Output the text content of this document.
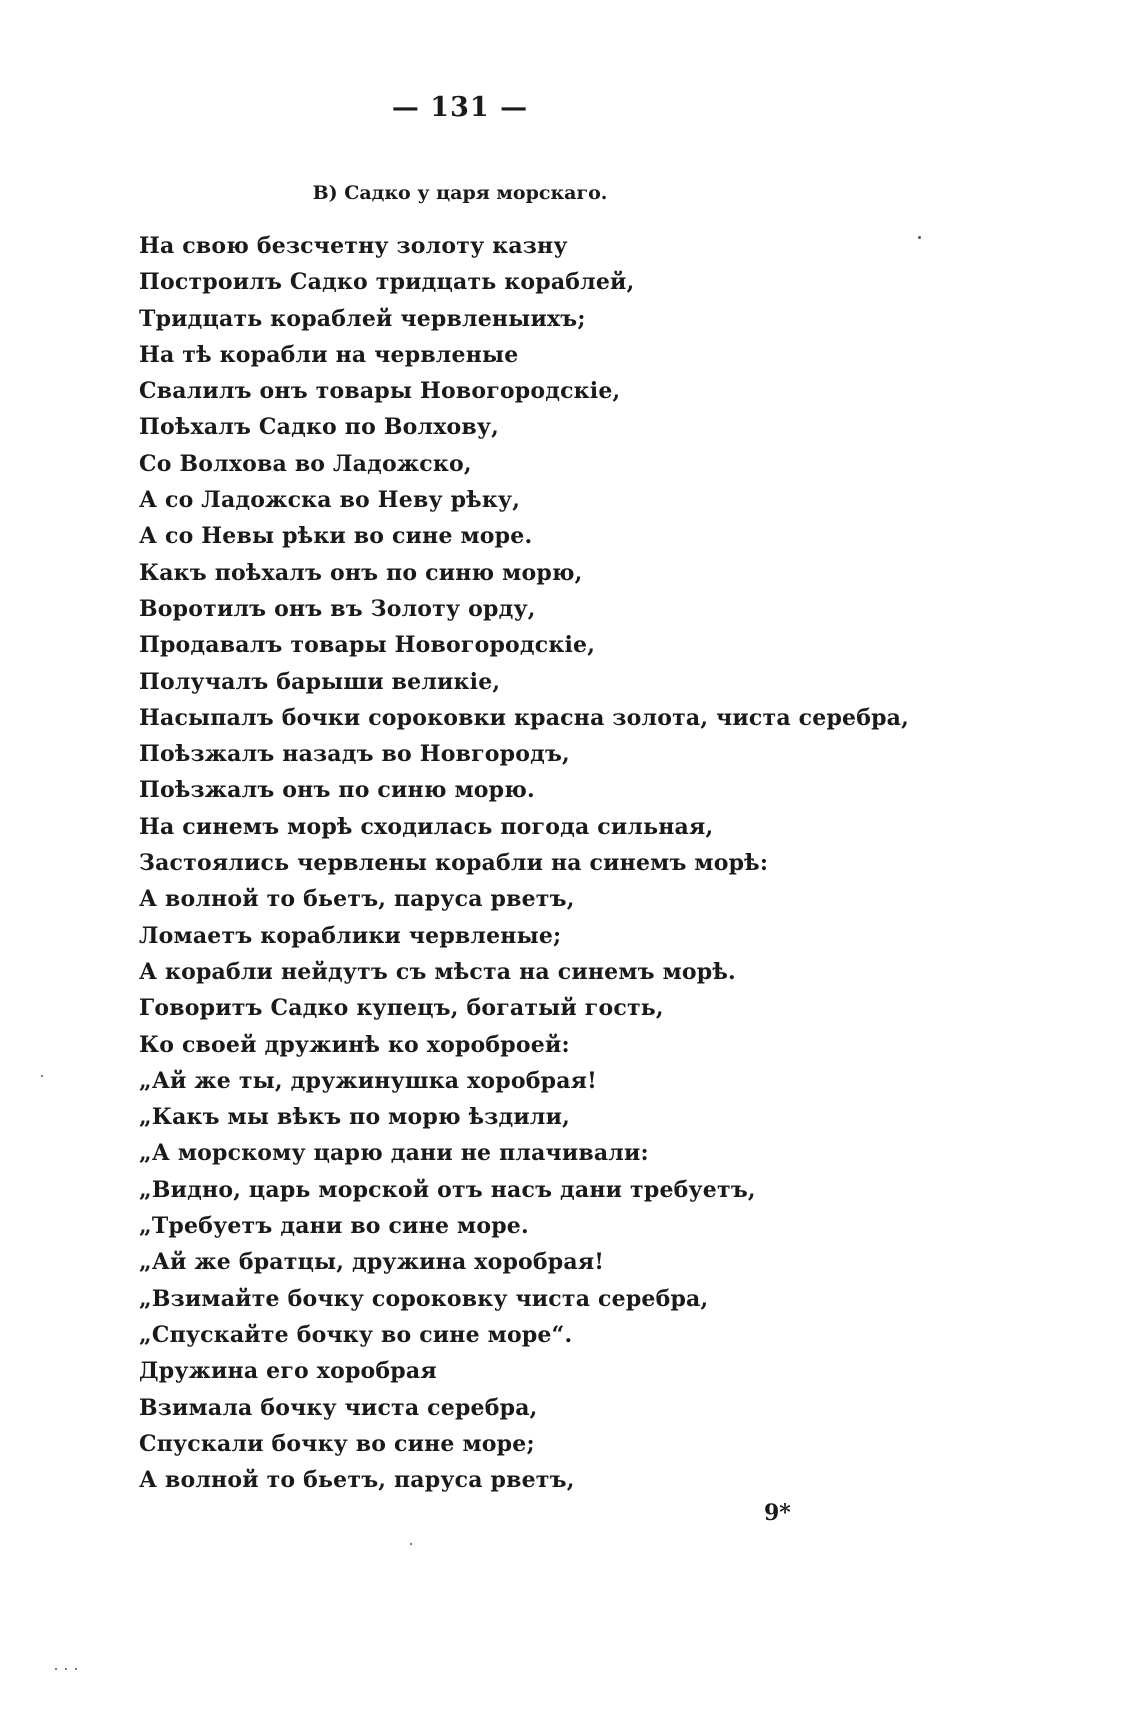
— 131 —
В) Садко у царя морскаго.
На свою безсчетну золоту казну
Построилъ Садко тридцать кораблей,
Тридцать кораблей червленыихъ;
На тѣ корабли на червленые
Свалилъ онъ товары Новогородскіе,
Поѣхалъ Садко по Волхову,
Со Волхова во Ладожско,
А со Ладожска во Неву рѣку,
А со Невы рѣки во сине море.
Какъ поѣхалъ онъ по синю морю,
Воротилъ онъ въ Золоту орду,
Продавалъ товары Новогородскіе,
Получалъ барыши великіе,
Насыпалъ бочки сороковки красна золота, чиста серебра,
Поѣзжалъ назадъ во Новгородъ,
Поѣзжалъ онъ по синю морю.
На синемъ морѣ сходилась погода сильная,
Застоялись червлены корабли на синемъ морѣ:
А волной то бьетъ, паруса рветъ,
Ломаетъ кораблики червленые;
А корабли нейдутъ съ мѣста на синемъ морѣ.
Говоритъ Садко купецъ, богатый гость,
Ко своей дружинѣ ко хороброей:
„Ай же ты, дружинушка хоробрая!
„Какъ мы вѣкъ по морю ѣздили,
„А морскому царю дани не плачивали:
„Видно, царь морской отъ насъ дани требуетъ,
„Требуетъ дани во сине море.
„Ай же братцы, дружина хоробрая!
„Взимайте бочку сороковку чиста серебра,
„Спускайте бочку во сине море“.
Дружина его хоробрая
Взимала бочку чиста серебра,
Спускали бочку во сине море;
А волной то бьетъ, паруса рветъ,
9*
